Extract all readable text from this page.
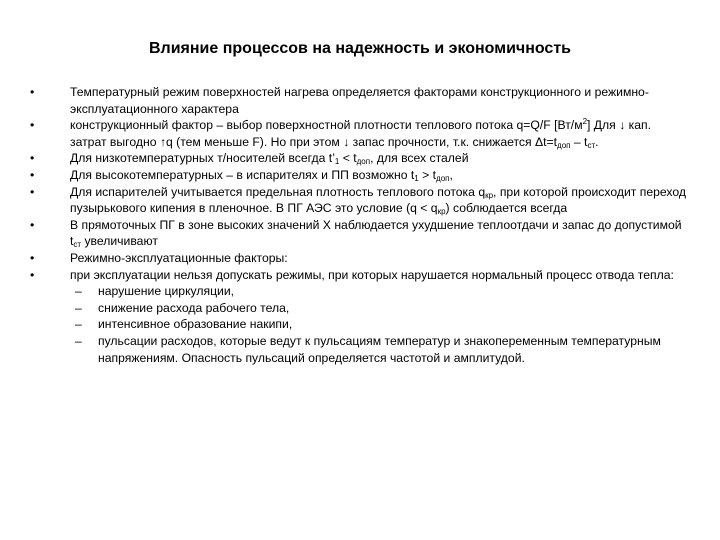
Влияние процессов на надежность и экономичность
• Температурный режим поверхностей нагрева определяется факторами конструкционного и режимно-эксплуатационного характера
• конструкционный фактор – выбор поверхностной плотности теплового потока q=Q/F $[Вт/м^2]$ Для ↓ кап. затрат выгодно ↑q (тем меньше F). Но при этом ↓ запас прочности, т.к. снижается $\Delta t=t_{доп} - t_{ст}$.
• Для низкотемпературных т/носителей всегда $t’_1 < t_{доп}$, для всех сталей
• Для высокотемпературных – в испарителях и ПП возможно $t_1 > t_{доп}$,
• Для испарителей учитывается предельная плотность теплового потока $q_{кр}$, при которой происходит переход пузырькового кипения в пленочное. В ПГ АЭС это условие $(q < q_{кр})$ соблюдается всегда
• В прямоточных ПГ в зоне высоких значений X наблюдается ухудшение теплоотдачи и запас до допустимой $t_{ст}$ увеличивают
• Режимно-эксплуатационные факторы:
• при эксплуатации нельзя допускать режимы, при которых нарушается нормальный процесс отвода тепла:
– нарушение циркуляции,
– снижение расхода рабочего тела,
– интенсивное образование накипи,
– пульсации расходов, которые ведут к пульсациям температур и знакопеременным температурным напряжениям. Опасность пульсаций определяется частотой и амплитудой.
